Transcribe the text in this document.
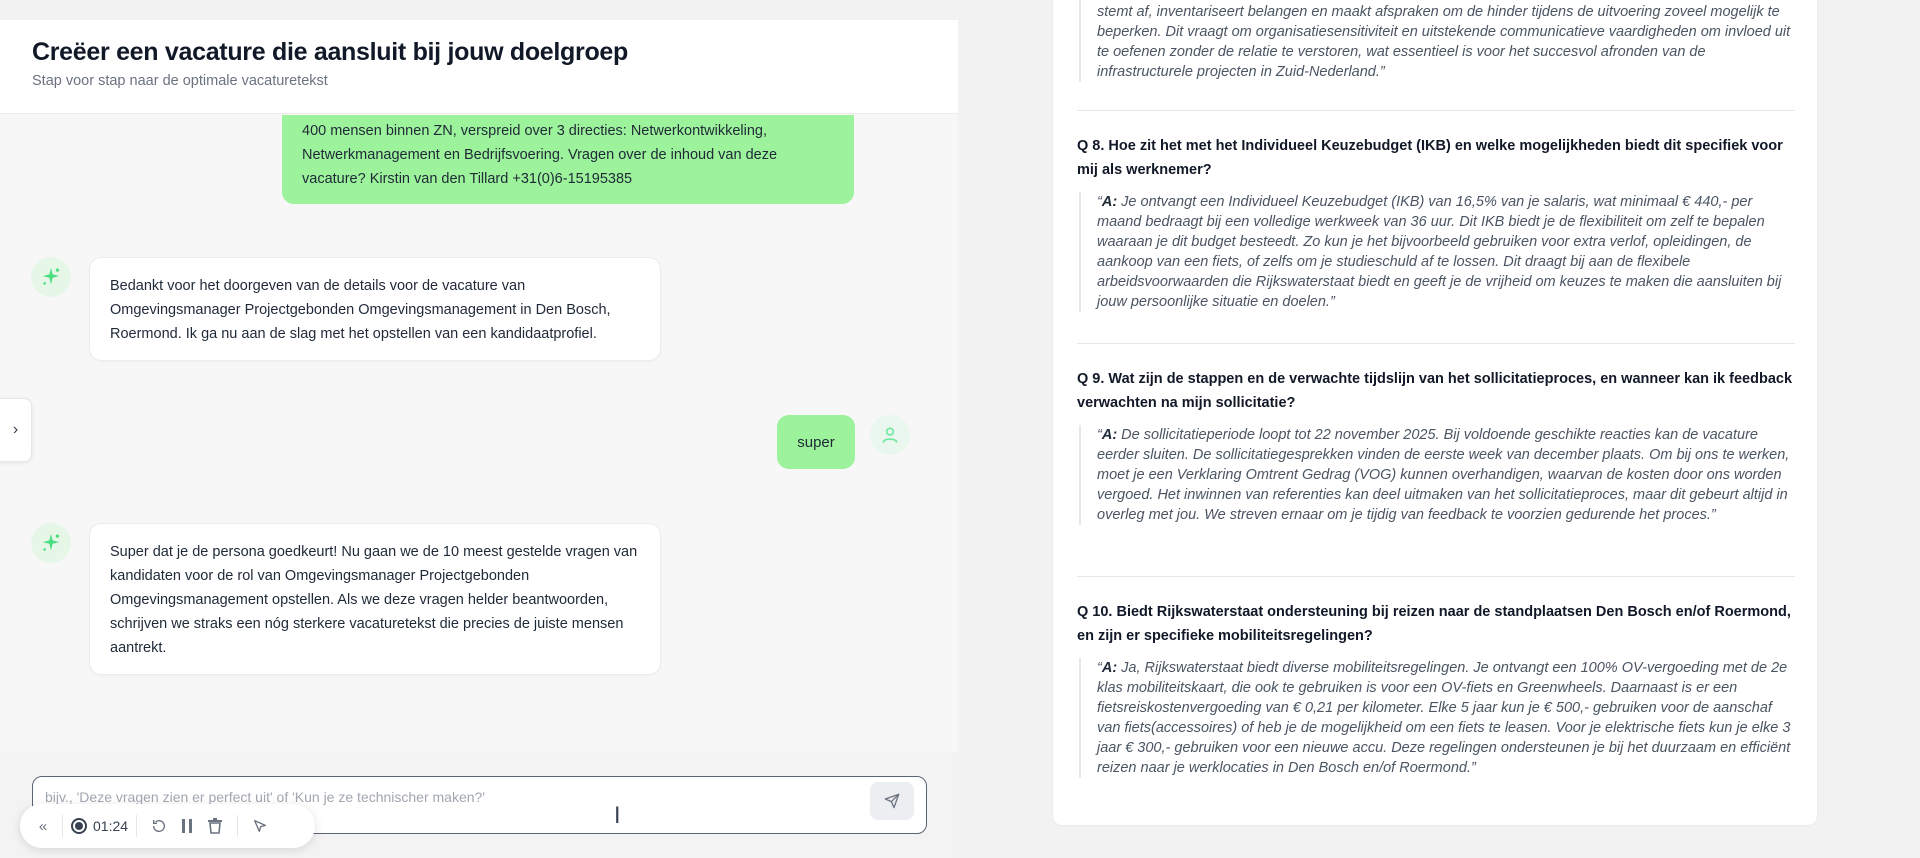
Creëer een vacature die aansluit bij jouw doelgroep

Stap voor stap naar de optimale vacaturetekst

400 mensen binnen ZN, verspreid over 3 directies: Netwerkontwikkeling, Netwerkmanagement en Bedrijfsvoering. Vragen over de inhoud van deze vacature? Kirstin van den Tillard +31(0)6-15195385
Bedankt voor het doorgeven van de details voor de vacature van Omgevingsmanager Projectgebonden Omgevingsmanagement in Den Bosch, Roermond. Ik ga nu aan de slag met het opstellen van een kandidaatprofiel.
super
Super dat je de persona goedkeurt! Nu gaan we de 10 meest gestelde vragen van kandidaten voor de rol van Omgevingsmanager Projectgebonden Omgevingsmanagement opstellen. Als we deze vragen helder beantwoorden, schrijven we straks een nóg sterkere vacaturetekst die precies de juiste mensen aantrekt.
›
bijv., 'Deze vragen zien er perfect uit' of 'Kun je ze technischer maken?'
«	01:24	I
stemt af, inventariseert belangen en maakt afspraken om de hinder tijdens de uitvoering zoveel mogelijk te beperken. Dit vraagt om organisatiesensitiviteit en uitstekende communicatieve vaardigheden om invloed uit te oefenen zonder de relatie te verstoren, wat essentieel is voor het succesvol afronden van de infrastructurele projecten in Zuid-Nederland.”
Q 8. Hoe zit het met het Individueel Keuzebudget (IKB) en welke mogelijkheden biedt dit specifiek voor mij als werknemer?
“A: Je ontvangt een Individueel Keuzebudget (IKB) van 16,5% van je salaris, wat minimaal € 440,- per maand bedraagt bij een volledige werkweek van 36 uur. Dit IKB biedt je de flexibiliteit om zelf te bepalen waaraan je dit budget besteedt. Zo kun je het bijvoorbeeld gebruiken voor extra verlof, opleidingen, de aankoop van een fiets, of zelfs om je studieschuld af te lossen. Dit draagt bij aan de flexibele arbeidsvoorwaarden die Rijkswaterstaat biedt en geeft je de vrijheid om keuzes te maken die aansluiten bij jouw persoonlijke situatie en doelen.”
Q 9. Wat zijn de stappen en de verwachte tijdslijn van het sollicitatieproces, en wanneer kan ik feedback verwachten na mijn sollicitatie?
“A: De sollicitatieperiode loopt tot 22 november 2025. Bij voldoende geschikte reacties kan de vacature eerder sluiten. De sollicitatiegesprekken vinden de eerste week van december plaats. Om bij ons te werken, moet je een Verklaring Omtrent Gedrag (VOG) kunnen overhandigen, waarvan de kosten door ons worden vergoed. Het inwinnen van referenties kan deel uitmaken van het sollicitatieproces, maar dit gebeurt altijd in overleg met jou. We streven ernaar om je tijdig van feedback te voorzien gedurende het proces.”
Q 10. Biedt Rijkswaterstaat ondersteuning bij reizen naar de standplaatsen Den Bosch en/of Roermond, en zijn er specifieke mobiliteitsregelingen?
“A: Ja, Rijkswaterstaat biedt diverse mobiliteitsregelingen. Je ontvangt een 100% OV-vergoeding met de 2e klas mobiliteitskaart, die ook te gebruiken is voor een OV-fiets en Greenwheels. Daarnaast is er een fietsreiskostenvergoeding van € 0,21 per kilometer. Elke 5 jaar kun je € 500,- gebruiken voor de aanschaf van fiets(accessoires) of heb je de mogelijkheid om een fiets te leasen. Voor je elektrische fiets kun je elke 3 jaar € 300,- gebruiken voor een nieuwe accu. Deze regelingen ondersteunen je bij het duurzaam en efficiënt reizen naar je werklocaties in Den Bosch en/of Roermond.”
